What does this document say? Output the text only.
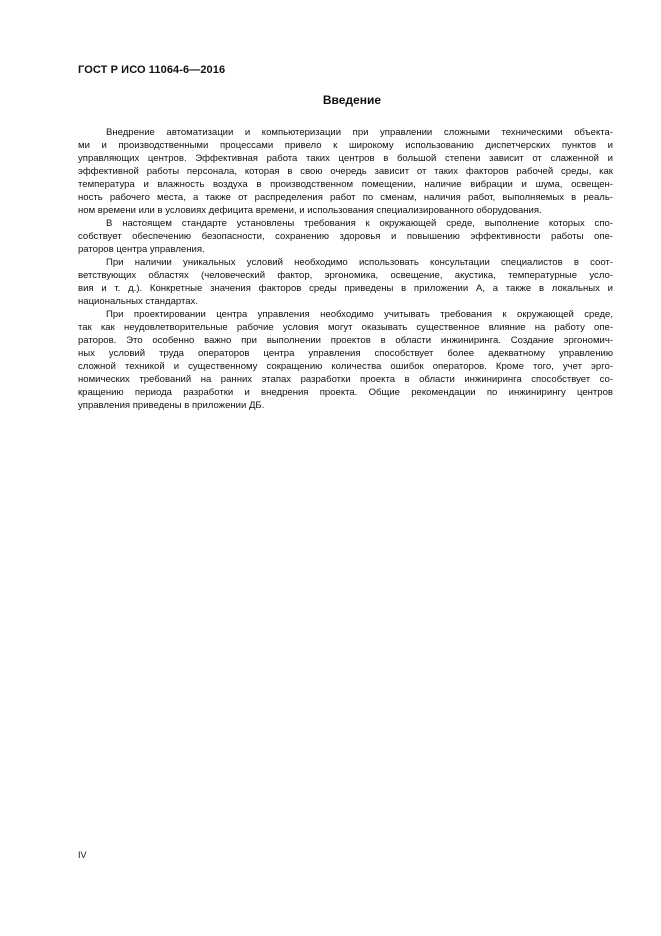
ГОСТ Р ИСО 11064-6—2016
Введение
Внедрение автоматизации и компьютеризации при управлении сложными техническими объекта-
ми и производственными процессами привело к широкому использованию диспетчерских пунктов и
управляющих центров. Эффективная работа таких центров в большой степени зависит от слаженной и
эффективной работы персонала, которая в свою очередь зависит от таких факторов рабочей среды, как
температура и влажность воздуха в производственном помещении, наличие вибрации и шума, освещен-
ность рабочего места, а также от распределения работ по сменам, наличия работ, выполняемых в реаль-
ном времени или в условиях дефицита времени, и использования специализированного оборудования.
В настоящем стандарте установлены требования к окружающей среде, выполнение которых спо-
собствует обеспечению безопасности, сохранению здоровья и повышению эффективности работы опе-
раторов центра управления.
При наличии уникальных условий необходимо использовать консультации специалистов в соот-
ветствующих областях (человеческий фактор, эргономика, освещение, акустика, температурные усло-
вия и т. д.). Конкретные значения факторов среды приведены в приложении А, а также в локальных и
национальных стандартах.
При проектировании центра управления необходимо учитывать требования к окружающей среде,
так как неудовлетворительные рабочие условия могут оказывать существенное влияние на работу опе-
раторов. Это особенно важно при выполнении проектов в области инжиниринга. Создание эргономич-
ных условий труда операторов центра управления способствует более адекватному управлению
сложной техникой и существенному сокращению количества ошибок операторов. Кроме того, учет эрго-
номических требований на ранних этапах разработки проекта в области инжиниринга способствует со-
кращению периода разработки и внедрения проекта. Общие рекомендации по инжинирингу центров
управления приведены в приложении ДБ.
IV
